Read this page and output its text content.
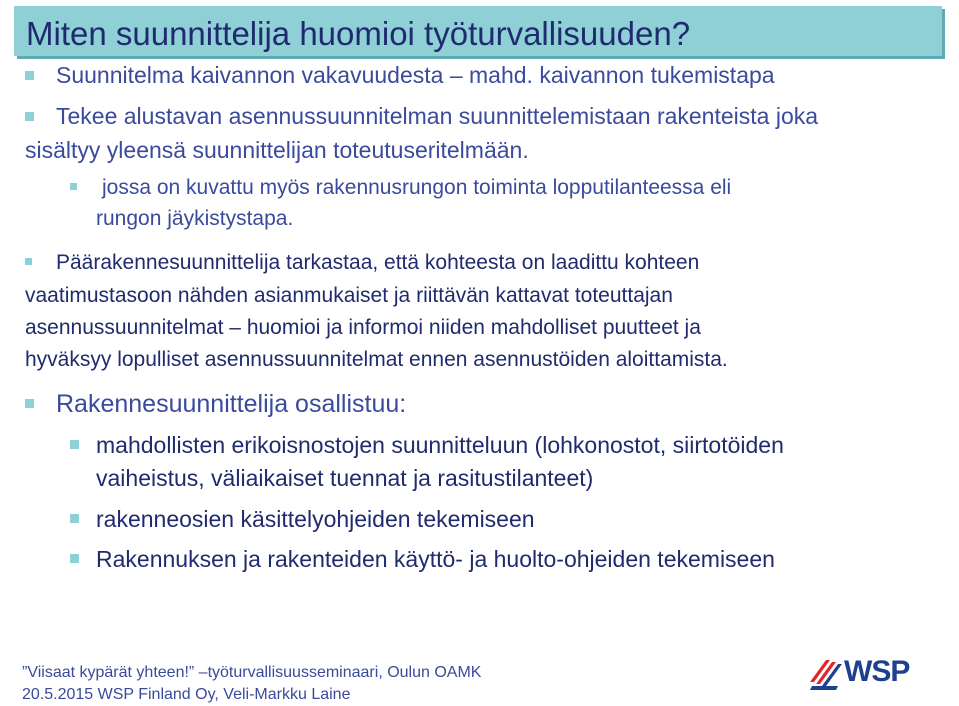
Miten suunnittelija huomioi työturvallisuuden?
Suunnitelma kaivannon vakavuudesta – mahd. kaivannon tukemistapa
Tekee alustavan asennussuunnitelman suunnittelemistaan rakenteista joka
sisältyy yleensä suunnittelijan toteutuseritelmään.
jossa on kuvattu myös rakennusrungon toiminta lopputilanteessa eli
rungon jäykistystapa.
Päärakennesuunnittelija tarkastaa, että kohteesta on laadittu kohteen
vaatimustasoon nähden asianmukaiset ja riittävän kattavat toteuttajan
asennussuunnitelmat – huomioi ja informoi niiden mahdolliset puutteet ja
hyväksyy lopulliset asennussuunnitelmat ennen asennustöiden aloittamista.
Rakennesuunnittelija osallistuu:
mahdollisten erikoisnostojen suunnitteluun (lohkonostot, siirtotöiden
vaiheistus, väliaikaiset tuennat ja rasitustilanteet)
rakenneosien käsittelyohjeiden tekemiseen
Rakennuksen ja rakenteiden käyttö- ja huolto-ohjeiden tekemiseen
”Viisaat kypärät yhteen!” –työturvallisuusseminaari, Oulun OAMK
20.5.2015 WSP Finland Oy, Veli-Markku Laine
WSP
